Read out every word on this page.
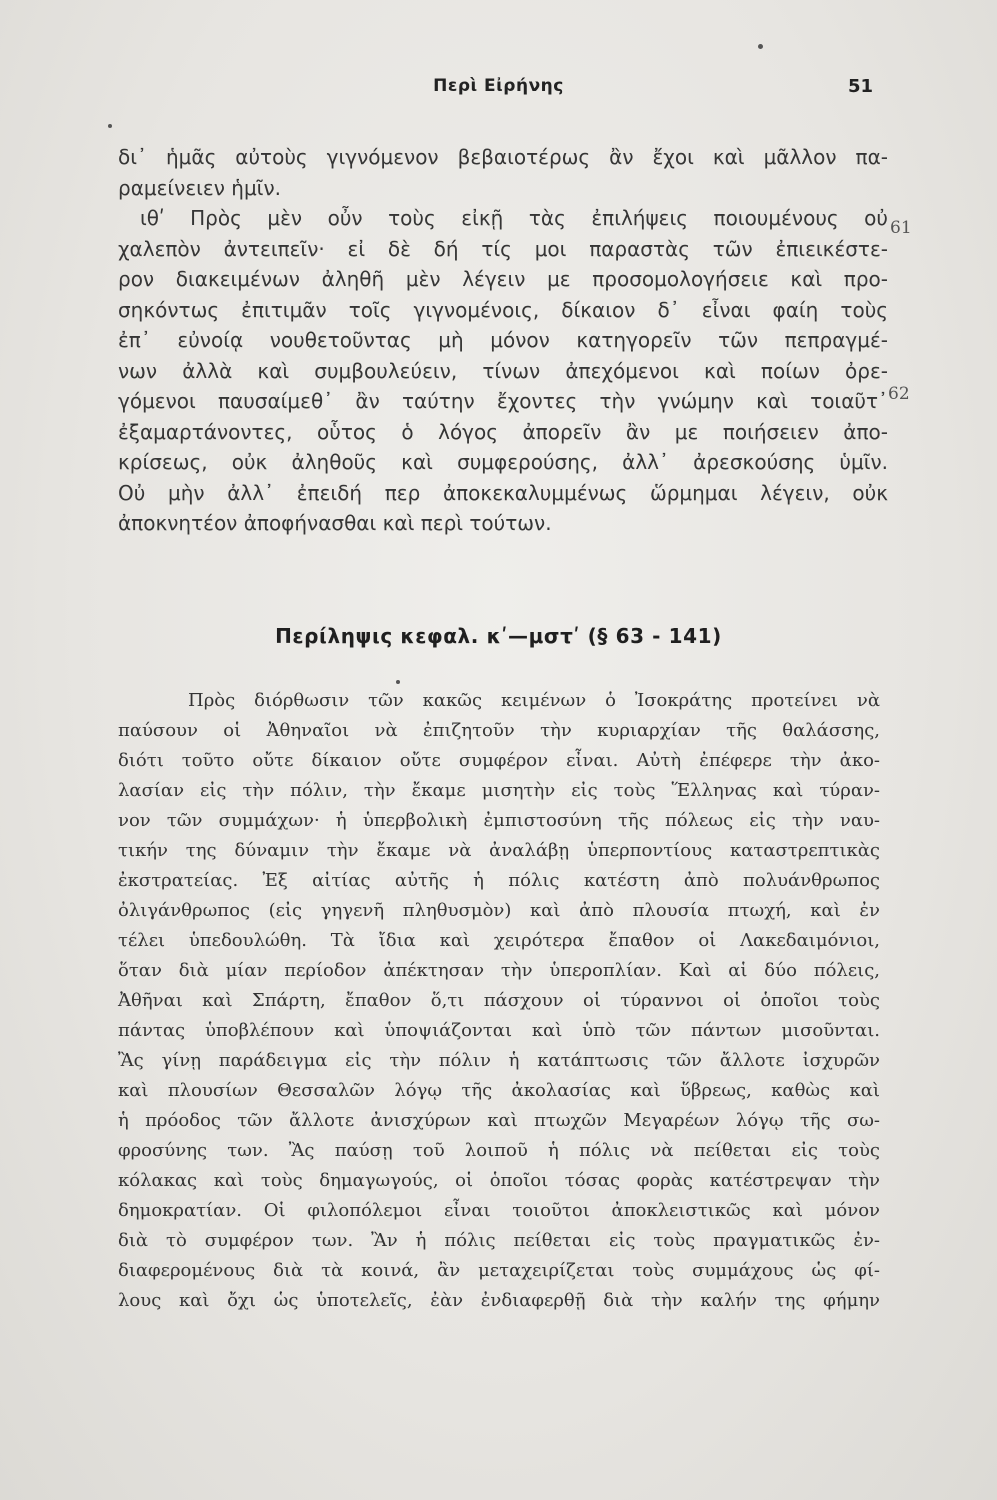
Περὶ Εἰρήνης	51
δι᾽ ἡμᾶς αὐτοὺς γιγνόμενον βεβαιοτέρως ἂν ἔχοι καὶ μᾶλλον πα-
ραμείνειεν ἡμῖν.
ιθʹ Πρὸς μὲν οὖν τοὺς εἰκῇ τὰς ἐπιλήψεις ποιουμένους οὐ
χαλεπὸν ἀντειπεῖν· εἰ δὲ δή τίς μοι παραστὰς τῶν ἐπιεικέστε-
ρον διακειμένων ἀληθῆ μὲν λέγειν με προσομολογήσειε καὶ προ-
σηκόντως ἐπιτιμᾶν τοῖς γιγνομένοις, δίκαιον δ᾽ εἶναι φαίη τοὺς
ἐπ᾽ εὐνοίᾳ νουθετοῦντας μὴ μόνον κατηγορεῖν τῶν πεπραγμέ-
νων ἀλλὰ καὶ συμβουλεύειν, τίνων ἀπεχόμενοι καὶ ποίων ὀρε-
γόμενοι παυσαίμεθ᾽ ἂν ταύτην ἔχοντες τὴν γνώμην καὶ τοιαῦτ᾽
ἐξαμαρτάνοντες, οὗτος ὁ λόγος ἀπορεῖν ἂν με ποιήσειεν ἀπο-
κρίσεως, οὐκ ἀληθοῦς καὶ συμφερούσης, ἀλλ᾽ ἀρεσκούσης ὑμῖν.
Οὐ μὴν ἀλλ᾽ ἐπειδή περ ἀποκεκαλυμμένως ὥρμημαι λέγειν, οὐκ
ἀποκνητέον ἀποφήνασθαι καὶ περὶ τούτων.
61
62
Περίληψις κεφαλ. κʹ—μστʹ (§ 63 - 141)
Πρὸς διόρθωσιν τῶν κακῶς κειμένων ὁ Ἰσοκράτης προτείνει νὰ
παύσουν οἱ Ἀθηναῖοι νὰ ἐπιζητοῦν τὴν κυριαρχίαν τῆς θαλάσσης,
διότι τοῦτο οὔτε δίκαιον οὔτε συμφέρον εἶναι. Αὐτὴ ἐπέφερε τὴν ἀκο-
λασίαν εἰς τὴν πόλιν, τὴν ἔκαμε μισητὴν εἰς τοὺς Ἕλληνας καὶ τύραν-
νον τῶν συμμάχων· ἡ ὑπερβολικὴ ἐμπιστοσύνη τῆς πόλεως εἰς τὴν ναυ-
τικήν της δύναμιν τὴν ἔκαμε νὰ ἀναλάβῃ ὑπερποντίους καταστρεπτικὰς
ἐκστρατείας. Ἐξ αἰτίας αὐτῆς ἡ πόλις κατέστη ἀπὸ πολυάνθρωπος
ὀλιγάνθρωπος (εἰς γηγενῆ πληθυσμὸν) καὶ ἀπὸ πλουσία πτωχή, καὶ ἐν
τέλει ὑπεδουλώθη. Τὰ ἴδια καὶ χειρότερα ἔπαθον οἱ Λακεδαιμόνιοι,
ὅταν διὰ μίαν περίοδον ἀπέκτησαν τὴν ὑπεροπλίαν. Καὶ αἱ δύο πόλεις,
Ἀθῆναι καὶ Σπάρτη, ἔπαθον ὅ,τι πάσχουν οἱ τύραννοι οἱ ὁποῖοι τοὺς
πάντας ὑποβλέπουν καὶ ὑποψιάζονται καὶ ὑπὸ τῶν πάντων μισοῦνται.
Ἂς γίνῃ παράδειγμα εἰς τὴν πόλιν ἡ κατάπτωσις τῶν ἄλλοτε ἰσχυρῶν
καὶ πλουσίων Θεσσαλῶν λόγῳ τῆς ἀκολασίας καὶ ὕβρεως, καθὼς καὶ
ἡ πρόοδος τῶν ἄλλοτε ἀνισχύρων καὶ πτωχῶν Μεγαρέων λόγῳ τῆς σω-
φροσύνης των. Ἂς παύσῃ τοῦ λοιποῦ ἡ πόλις νὰ πείθεται εἰς τοὺς
κόλακας καὶ τοὺς δημαγωγούς, οἱ ὁποῖοι τόσας φορὰς κατέστρεψαν τὴν
δημοκρατίαν. Οἱ φιλοπόλεμοι εἶναι τοιοῦτοι ἀποκλειστικῶς καὶ μόνον
διὰ τὸ συμφέρον των. Ἂν ἡ πόλις πείθεται εἰς τοὺς πραγματικῶς ἐν-
διαφερομένους διὰ τὰ κοινά, ἂν μεταχειρίζεται τοὺς συμμάχους ὡς φί-
λους καὶ ὄχι ὡς ὑποτελεῖς, ἐὰν ἐνδιαφερθῇ διὰ τὴν καλήν της φήμην
